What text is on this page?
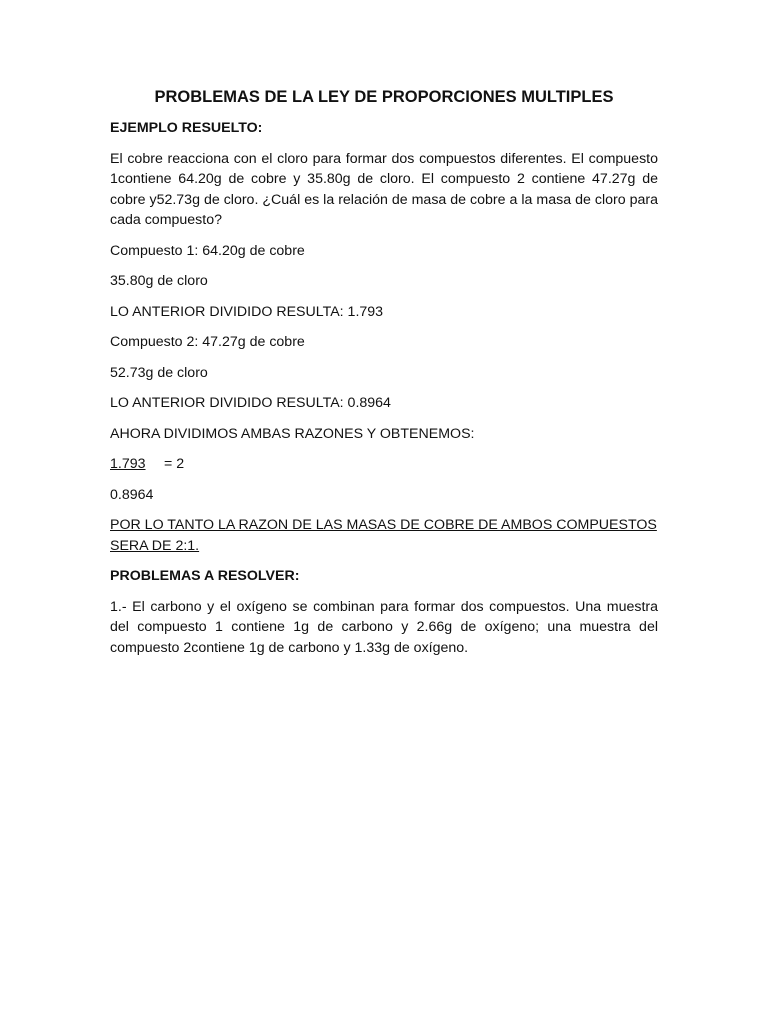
PROBLEMAS DE LA LEY DE PROPORCIONES MULTIPLES

EJEMPLO RESUELTO:

El cobre reacciona con el cloro para formar dos compuestos diferentes. El compuesto 1contiene 64.20g de cobre y 35.80g de cloro. El compuesto 2 contiene 47.27g de cobre y52.73g de cloro. ¿Cuál es la relación de masa de cobre a la masa de cloro para cada compuesto?

Compuesto 1: 64.20g de cobre

35.80g de cloro

LO ANTERIOR DIVIDIDO RESULTA: 1.793

Compuesto 2: 47.27g de cobre

52.73g de cloro

LO ANTERIOR DIVIDIDO RESULTA: 0.8964

AHORA DIVIDIMOS AMBAS RAZONES Y OBTENEMOS:

1.793 = 2

0.8964

POR LO TANTO LA RAZON DE LAS MASAS DE COBRE DE AMBOS COMPUESTOS SERA DE 2:1.

PROBLEMAS A RESOLVER:

1.- El carbono y el oxígeno se combinan para formar dos compuestos. Una muestra del compuesto 1 contiene 1g de carbono y 2.66g de oxígeno; una muestra del compuesto 2contiene 1g de carbono y 1.33g de oxígeno.
